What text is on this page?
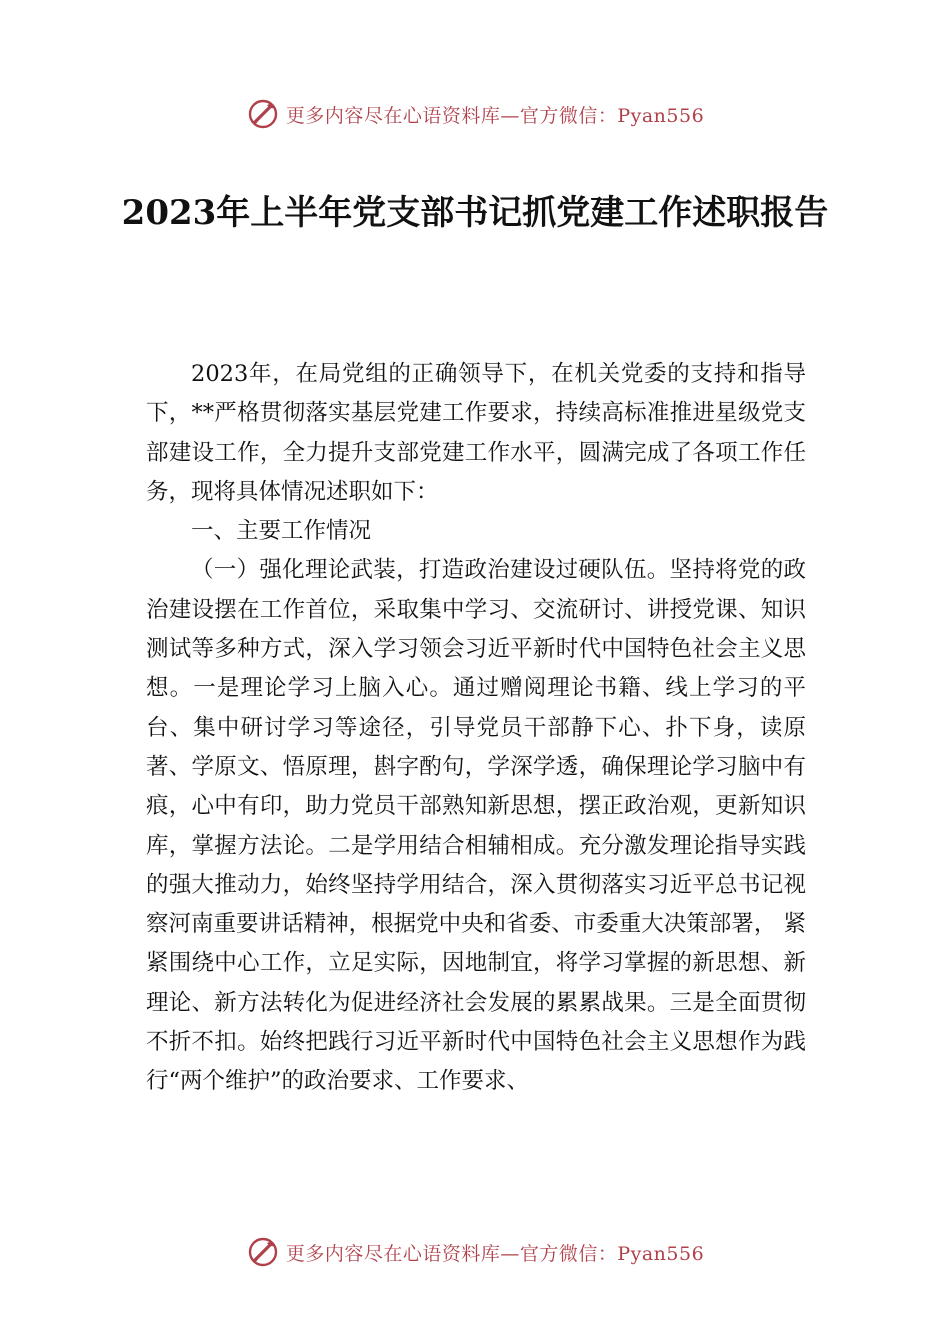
更多内容尽在心语资料库—官方微信：Pyan556
2023年上半年党支部书记抓党建工作述职报告

2023年，在局党组的正确领导下，在机关党委的支持和指导下，**严格贯彻落实基层党建工作要求，持续高标准推进星级党支部建设工作，全力提升支部党建工作水平，圆满完成了各项工作任务，现将具体情况述职如下：

一、主要工作情况

（一）强化理论武装，打造政治建设过硬队伍。坚持将党的政治建设摆在工作首位，采取集中学习、交流研讨、讲授党课、知识测试等多种方式，深入学习领会习近平新时代中国特色社会主义思想。一是理论学习上脑入心。通过赠阅理论书籍、线上学习的平台、集中研讨学习等途径，引导党员干部静下心、扑下身，读原著、学原文、悟原理，斟字酌句，学深学透，确保理论学习脑中有痕，心中有印，助力党员干部熟知新思想，摆正政治观，更新知识库，掌握方法论。二是学用结合相辅相成。充分激发理论指导实践的强大推动力，始终坚持学用结合，深入贯彻落实习近平总书记视察河南重要讲话精神，根据党中央和省委、市委重大决策部署， 紧紧围绕中心工作，立足实际，因地制宜，将学习掌握的新思想、新理论、新方法转化为促进经济社会发展的累累战果。三是全面贯彻不折不扣。始终把践行习近平新时代中国特色社会主义思想作为践行“两个维护”的政治要求、工作要求、

更多内容尽在心语资料库—官方微信：Pyan556
